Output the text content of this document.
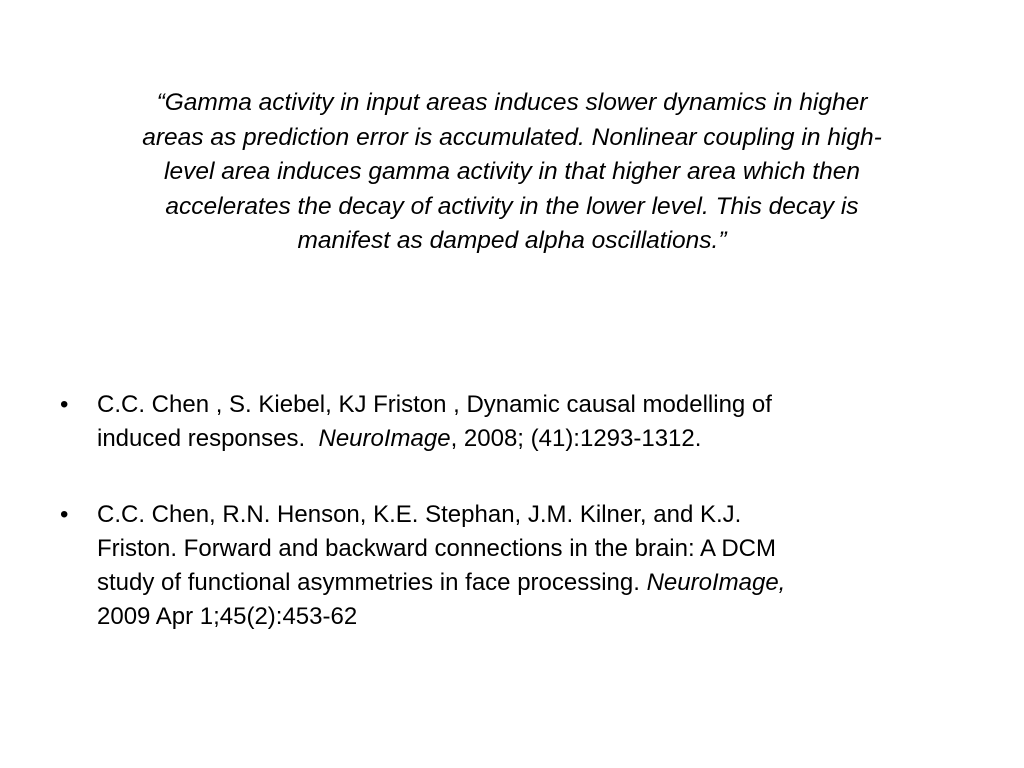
“Gamma activity in input areas induces slower dynamics in higher
areas as prediction error is accumulated. Nonlinear coupling in high-
level area induces gamma activity in that higher area which then
accelerates the decay of activity in the lower level. This decay is
manifest as damped alpha oscillations.”
•	C.C. Chen , S. Kiebel, KJ Friston , Dynamic causal modelling of
induced responses.  NeuroImage, 2008; (41):1293-1312.
•	C.C. Chen, R.N. Henson, K.E. Stephan, J.M. Kilner, and K.J.
Friston. Forward and backward connections in the brain: A DCM
study of functional asymmetries in face processing. NeuroImage,
2009 Apr 1;45(2):453-62
